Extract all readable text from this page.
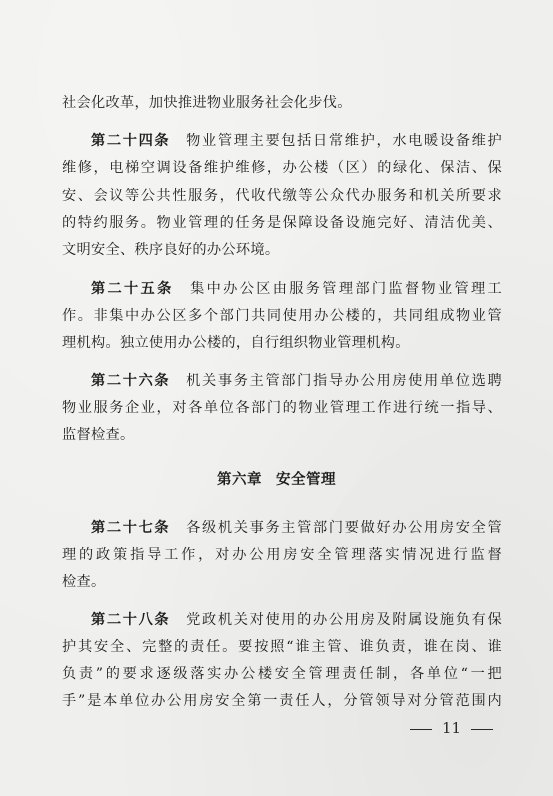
社会化改革，加快推进物业服务社会化步伐。
第二十四条　 物业管理主要包括日常维护，水电暖设备维护
维修，电梯空调设备维护维修，办公楼（区）的绿化、保洁、保
安、会议等公共性服务，代收代缴等公众代办服务和机关所要求
的特约服务。物业管理的任务是保障设备设施完好、清洁优美、
文明安全、秩序良好的办公环境。
第二十五条　 集中办公区由服务管理部门监督物业管理工
作。非集中办公区多个部门共同使用办公楼的，共同组成物业管
理机构。独立使用办公楼的，自行组织物业管理机构。
第二十六条　 机关事务主管部门指导办公用房使用单位选聘
物业服务企业，对各单位各部门的物业管理工作进行统一指导、
监督检查。
第六章 安全管理
第二十七条　 各级机关事务主管部门要做好办公用房安全管
理的政策指导工作，对办公用房安全管理落实情况进行监督
检查。
第二十八条　 党政机关对使用的办公用房及附属设施负有保
护其安全、完整的责任。要按照“谁主管、谁负责，谁在岗、谁
负责”的要求逐级落实办公楼安全管理责任制，各单位“一把
手”是本单位办公用房安全第一责任人，分管领导对分管范围内
11
